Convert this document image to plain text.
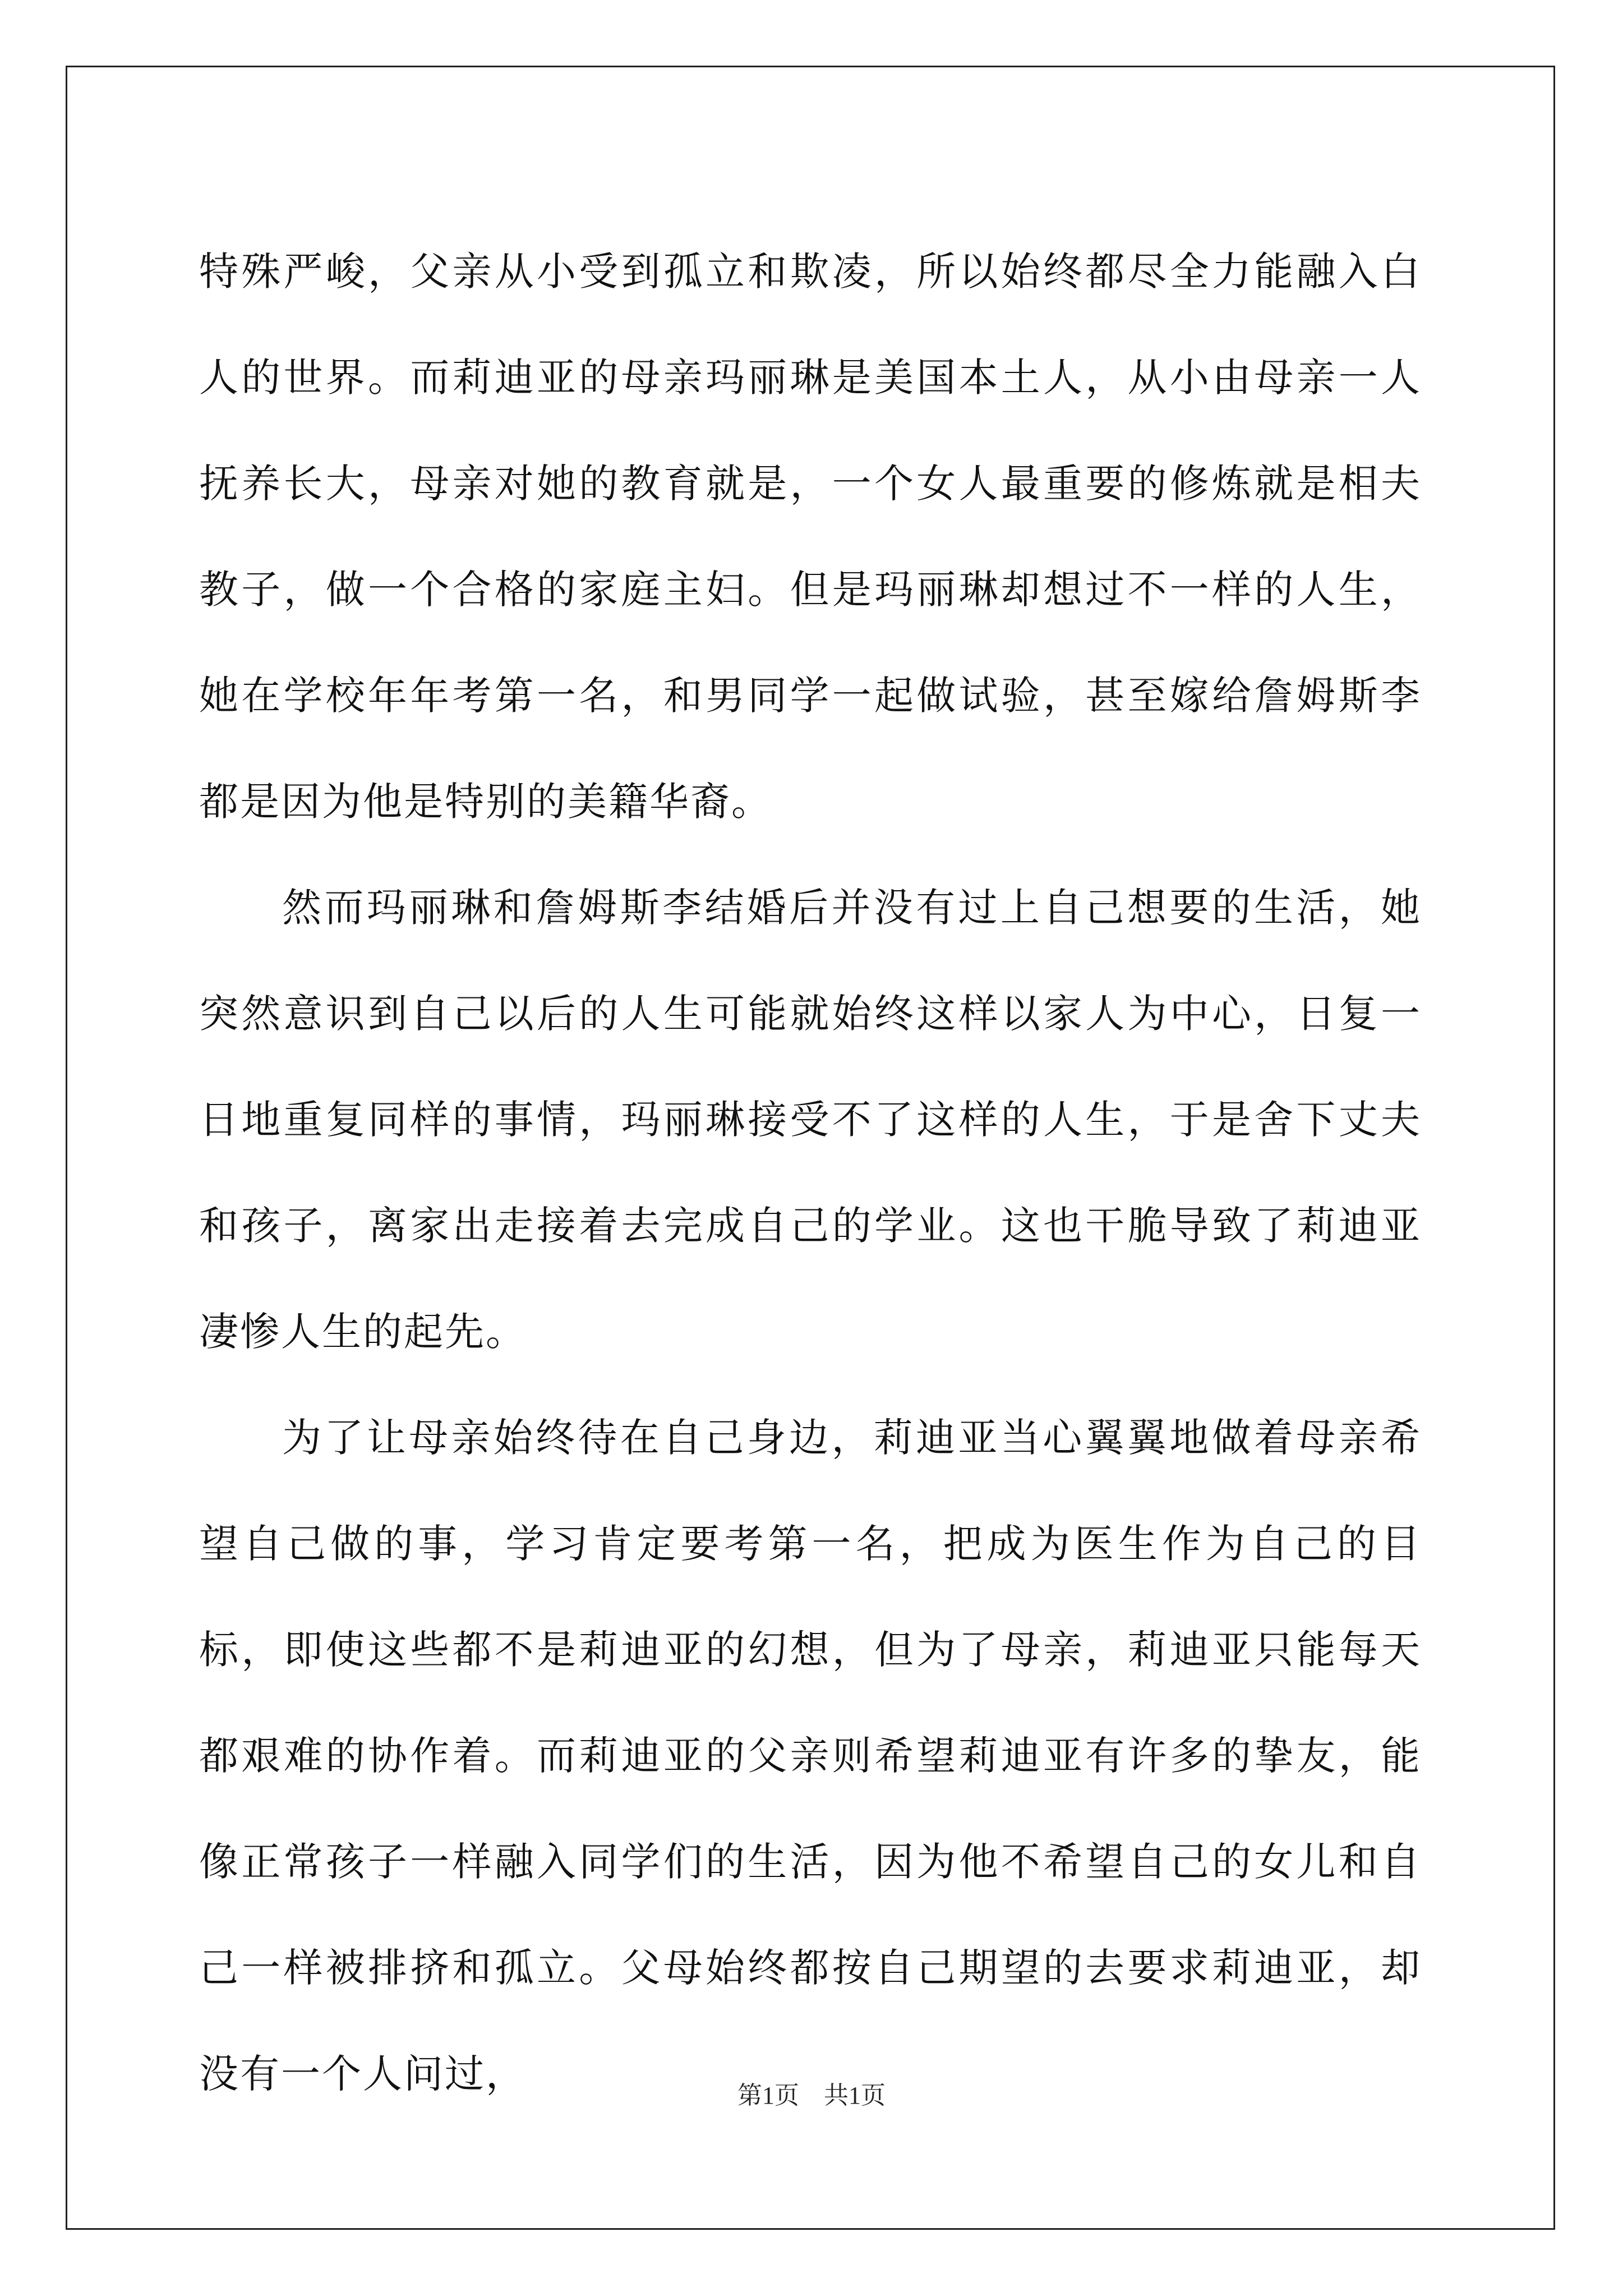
特殊严峻，父亲从小受到孤立和欺凌，所以始终都尽全力能融入白人的世界。而莉迪亚的母亲玛丽琳是美国本土人，从小由母亲一人抚养长大，母亲对她的教育就是，一个女人最重要的修炼就是相夫教子，做一个合格的家庭主妇。但是玛丽琳却想过不一样的人生，她在学校年年考第一名，和男同学一起做试验，甚至嫁给詹姆斯李都是因为他是特别的美籍华裔。

然而玛丽琳和詹姆斯李结婚后并没有过上自己想要的生活，她突然意识到自己以后的人生可能就始终这样以家人为中心，日复一日地重复同样的事情，玛丽琳接受不了这样的人生，于是舍下丈夫和孩子，离家出走接着去完成自己的学业。这也干脆导致了莉迪亚凄惨人生的起先。

为了让母亲始终待在自己身边，莉迪亚当心翼翼地做着母亲希望自己做的事，学习肯定要考第一名，把成为医生作为自己的目标，即使这些都不是莉迪亚的幻想，但为了母亲，莉迪亚只能每天都艰难的协作着。而莉迪亚的父亲则希望莉迪亚有许多的挚友，能像正常孩子一样融入同学们的生活，因为他不希望自己的女儿和自己一样被排挤和孤立。父母始终都按自己期望的去要求莉迪亚，却没有一个人问过，	第1页　共1页
